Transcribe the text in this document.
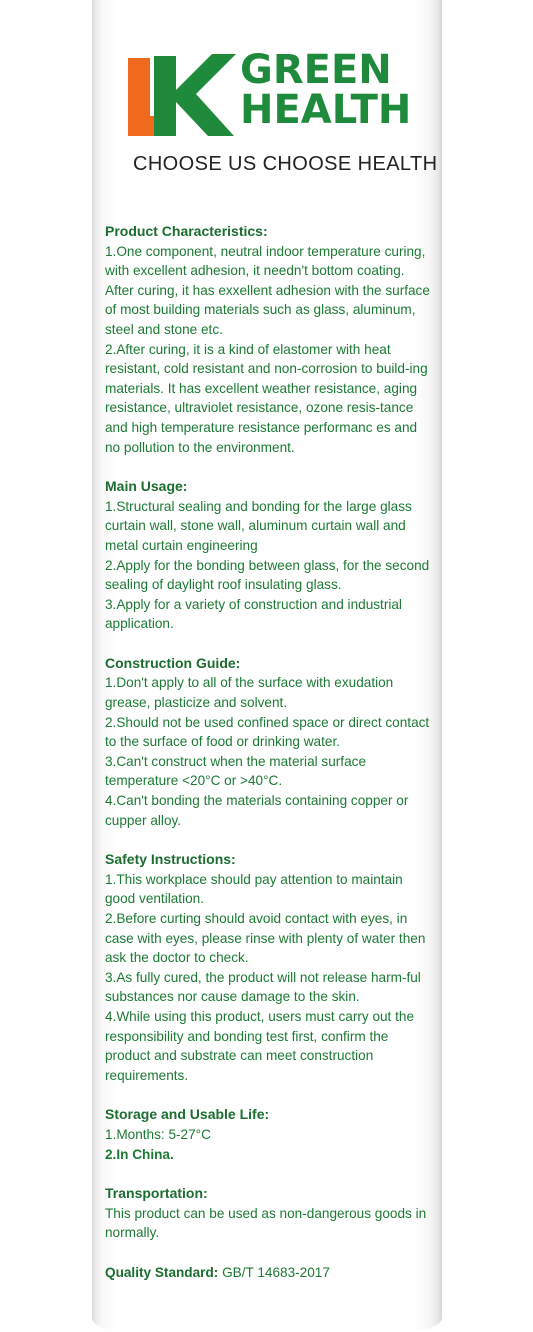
GREEN
HEALTH
CHOOSE US CHOOSE HEALTH

Product Characteristics:

1.One component, neutral indoor temperature curing, with excellent adhesion, it needn't bottom coating. After curing, it has exxellent adhesion with the surface of most building materials such as glass, aluminum, steel and stone etc.

2.After curing, it is a kind of elastomer with heat resistant, cold resistant and non-corrosion to build-ing materials. It has excellent weather resistance, aging resistance, ultraviolet resistance, ozone resis-tance and high temperature resistance performanc es and no pollution to the environment.

Main Usage:

1.Structural sealing and bonding for the large glass curtain wall, stone wall, aluminum curtain wall and metal curtain engineering

2.Apply for the bonding between glass, for the second sealing of daylight roof insulating glass.

3.Apply for a variety of construction and industrial application.

Construction Guide:

1.Don't apply to all of the surface with exudation grease, plasticize and solvent.

2.Should not be used confined space or direct contact to the surface of food or drinking water.

3.Can't construct when the material surface temperature <20°C or >40°C.

4.Can't bonding the materials containing copper or cupper alloy.

Safety Instructions:

1.This workplace should pay attention to maintain good ventilation.

2.Before curting should avoid contact with eyes, in case with eyes, please rinse with plenty of water then ask the doctor to check.

3.As fully cured, the product will not release harm-ful substances nor cause damage to the skin.

4.While using this product, users must carry out the responsibility and bonding test first, confirm the product and substrate can meet construction requirements.

Storage and Usable Life:

1.Months: 5-27°C

2.In China.

Transportation:

This product can be used as non-dangerous goods in normally.

Quality Standard: GB/T 14683-2017
